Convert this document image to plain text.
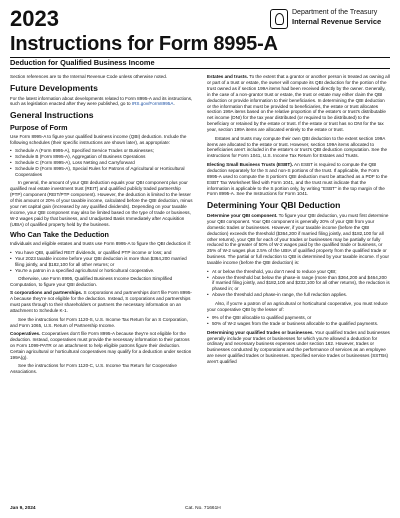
2023	Department of the Treasury
Internal Revenue Service
Instructions for Form 8995-A
Deduction for Qualified Business Income

Section references are to the Internal Revenue Code unless otherwise noted.

Future Developments

For the latest information about developments related to Form 8995-A and its instructions, such as legislation enacted after they were published, go to IRS.gov/Form8995A.

General Instructions
Purpose of Form

Use Form 8995-A to figure your qualified business income (QBI) deduction. Include the following schedules (their specific instructions are shown later), as appropriate:

• Schedule A (Form 8995-A), Specified Service Trades or Businesses;
• Schedule B (Form 8995-A), Aggregation of Business Operations
• Schedule C (Form 8995-A), Loss Netting and Carryforward
• Schedule D (Form 8995-A), Special Rules for Patrons of Agricultural or Horticultural Cooperatives

In general, the amount of your QBI deduction equals your QBI component plus your qualified real estate investment trust (REIT) and qualified publicly traded partnership (PTP) component (REIT/PTP component). However, the deduction is limited to the lesser of this amount or 20% of your taxable income, calculated before the QBI deduction, minus your net capital gain (increased by any qualified dividends). Depending on your taxable income, your QBI component may also be limited based on the type of trade or business, W-2 wages paid by that business, and Unadjusted Basis Immediately after Acquisition (UBIA) of qualified property held by the business.

Who Can Take the Deduction

Individuals and eligible estates and trusts use Form 8995-A to figure the QBI deduction if:

• You have QBI, qualified REIT dividends, or qualified PTP income or loss; and
• Your 2023 taxable income before your QBI deduction is more than $364,200 married filing jointly, and $182,100 for all other returns; or
• You're a patron in a specified agricultural or horticultural cooperative.

Otherwise, use Form 8995, Qualified Business Income Deduction Simplified Computation, to figure your QBI deduction.

S corporations and partnerships. S corporations and partnerships don't file Form 8995-A because they're not eligible for the deduction. Instead, S corporations and partnerships must pass through to their shareholders or partners the necessary information on an attachment to Schedule K-1.

See the instructions for Form 1120-S, U.S. Income Tax Return for an S Corporation, and Form 1065, U.S. Return of Partnership Income.

Cooperatives. Cooperatives don't file Form 8995-A because they're not eligible for the deduction. Instead, cooperatives must provide the necessary information to their patrons on Form 1099-PATR or an attachment to help eligible patrons figure their deduction. Certain agricultural or horticultural cooperatives may qualify for a deduction under section 199A(g).

See the instructions for Form 1120-C, U.S. Income Tax Return for Cooperative Associations.

Estates and trusts. To the extent that a grantor or another person is treated as owning all or part of a trust or estate, the owner will compute its QBI deduction for the portion of the trust owned as if section 199A items had been received directly by the owner. Generally, in the case of a non-grantor trust or estate, the trust or estate may either claim the QBI deduction or provide information to their beneficiaries. In determining the QBI deduction or the information that must be provided to beneficiaries, the estate or trust allocates section 199A items based on the relative proportion of the estate's or trust's distributable net income (DNI) for the tax year distributed (or required to be distributed) to the beneficiary or retained by the estate or trust. If the estate or trust has no DNI for the tax year, section 199A items are allocated entirely to the estate or trust.

Estates and trusts may compute their own QBI deduction to the extent section 199A items are allocated to the estate or trust. However, section 199A items allocated to beneficiaries aren't included in the estate's or trust's QBI deduction computation. See the instructions for Form 1041, U.S. Income Tax Return for Estates and Trusts.

Electing Small Business Trusts (ESBT). An ESBT is required to compute the QBI deduction separately for the S and non-S portions of the trust. If applicable, the Form 8995-A used to compute the S portion's QBI deduction must be attached as a PDF to the ESBT Tax Worksheet filed with Form 1041, and the trust must indicate that the information is applicable to the S portion only, by writing "ESBT" in the top margin of the Form 8995-A. See the Instructions for Form 1041.

Determining Your QBI Deduction

Determine your QBI component. To figure your QBI deduction, you must first determine your QBI component. Your QBI component is generally 20% of your QBI from your domestic trades or businesses. However, if your taxable income (before the QBI deduction) exceeds the threshold ($364,200 if married filing jointly, and $182,100 for all other returns), your QBI for each of your trades or businesses may be partially or fully reduced to the greater of 50% of W-2 wages paid by the qualified trade or business, or 25% of W-2 wages plus 2.5% of the UBIA of qualified property from the qualified trade or business. The partial or full reduction to QBI is determined by your taxable income. If your taxable income (before the QBI deduction) is:

• At or below the threshold, you don't need to reduce your QBI;
• Above the threshold but below the phase-in range (more than $364,200 and $464,200 if married filing jointly, and $182,100 and $232,100 for all other returns), the reduction is phased in; or
• Above the threshold and phase-in range, the full reduction applies.

Also, if you're a patron of an agricultural or horticultural cooperative, you must reduce your cooperative QBI by the lesser of:

• 9% of the QBI allocable to qualified payments, or
• 50% of W-2 wages from the trade or business allocable to the qualified payments.

Determining your qualified trades or businesses. Your qualified trades and businesses generally include your trades or businesses for which you're allowed a deduction for ordinary and necessary business expenses under section 162. However, trades or businesses conducted by corporations and the performance of services as an employee are never qualified trades or businesses. Specified service trades or businesses (SSTBs) aren't qualified

Jan 9, 2024	Cat. No. 71661H
